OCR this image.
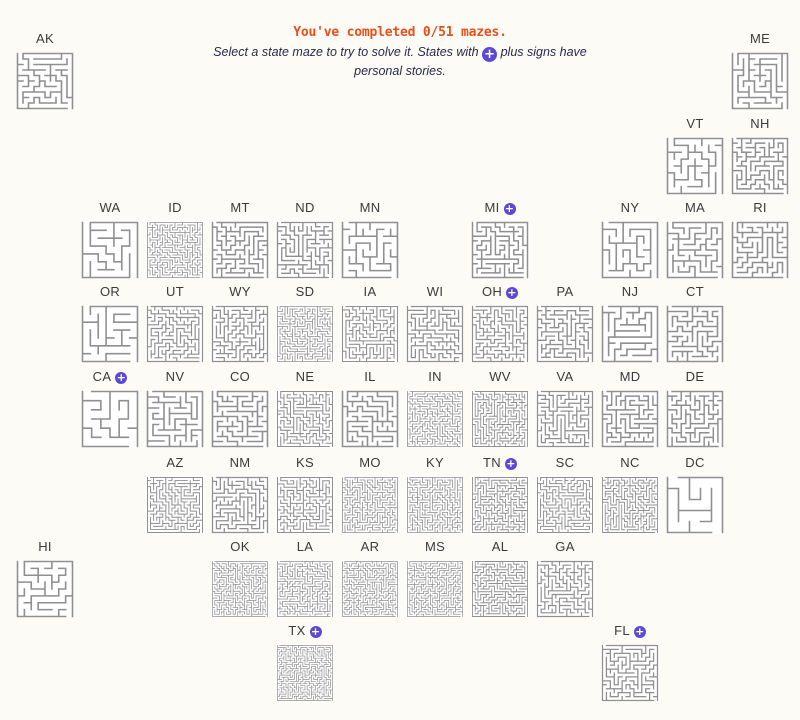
You've completed 0/51 mazes.
Select a state maze to try to solve it. States with + plus signs have personal stories.
AK	ME
VT	NH
WA	ID	MT	ND	MN	MI +	NY	MA	RI
OR	UT	WY	SD	IA	WI	OH +	PA	NJ	CT
CA +	NV	CO	NE	IL	IN	WV	VA	MD	DE
AZ	NM	KS	MO	KY	TN +	SC	NC	DC
HI	OK	LA	AR	MS	AL	GA
TX +	FL +
